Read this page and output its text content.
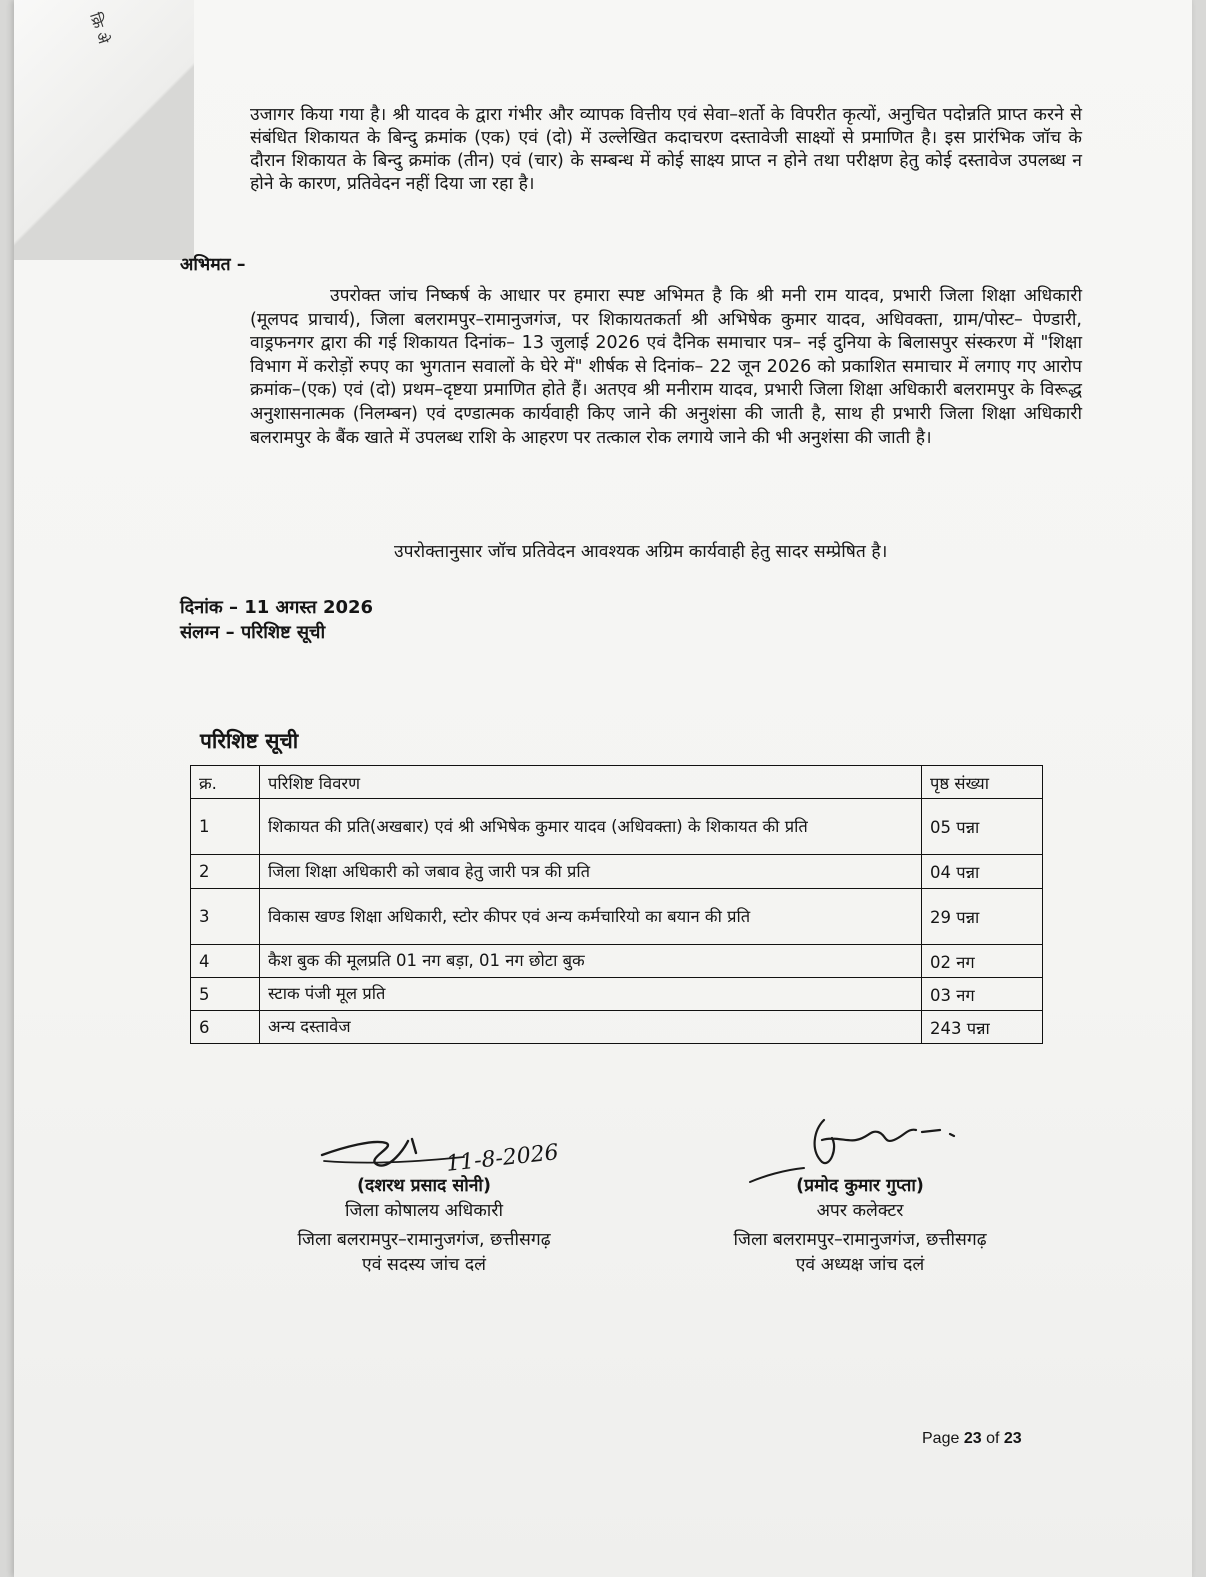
क्रि अे
उजागर किया गया है। श्री यादव के द्वारा गंभीर और व्यापक वित्तीय एवं सेवा–शर्तो के विपरीत कृत्यों, अनुचित पदोन्नति प्राप्त करने से संबंधित शिकायत के बिन्दु क्रमांक (एक) एवं (दो) में उल्लेखित कदाचरण दस्तावेजी साक्ष्यों से प्रमाणित है। इस प्रारंभिक जॉच के दौरान शिकायत के बिन्दु क्रमांक (तीन) एवं (चार) के सम्बन्ध में कोई साक्ष्य प्राप्त न होने तथा परीक्षण हेतु कोई दस्तावेज उपलब्ध न होने के कारण, प्रतिवेदन नहीं दिया जा रहा है।
अभिमत –
उपरोक्त जांच निष्कर्ष के आधार पर हमारा स्पष्ट अभिमत है कि श्री मनी राम यादव, प्रभारी जिला शिक्षा अधिकारी (मूलपद प्राचार्य), जिला बलरामपुर–रामानुजगंज, पर शिकायतकर्ता श्री अभिषेक कुमार यादव, अधिवक्ता, ग्राम/पोस्ट– पेण्डारी, वाड्रफनगर द्वारा की गई शिकायत दिनांक– 13 जुलाई 2026 एवं दैनिक समाचार पत्र– नई दुनिया के बिलासपुर संस्करण में "शिक्षा विभाग में करोड़ों रुपए का भुगतान सवालों के घेरे में" शीर्षक से दिनांक– 22 जून 2026 को प्रकाशित समाचार में लगाए गए आरोप क्रमांक–(एक) एवं (दो) प्रथम–दृष्टया प्रमाणित होते हैं। अतएव श्री मनीराम यादव, प्रभारी जिला शिक्षा अधिकारी बलरामपुर के विरूद्ध अनुशासनात्मक (निलम्बन) एवं दण्डात्मक कार्यवाही किए जाने की अनुशंसा की जाती है, साथ ही प्रभारी जिला शिक्षा अधिकारी बलरामपुर के बैंक खाते में उपलब्ध राशि के आहरण पर तत्काल रोक लगाये जाने की भी अनुशंसा की जाती है।
उपरोक्तानुसार जॉच प्रतिवेदन आवश्यक अग्रिम कार्यवाही हेतु सादर सम्प्रेषित है।
दिनांक – 11 अगस्त 2026
संलग्न – परिशिष्ट सूची
परिशिष्ट सूची
क्र.	परिशिष्ट विवरण	पृष्ठ संख्या
1	शिकायत की प्रति(अखबार) एवं श्री अभिषेक कुमार यादव (अधिवक्ता) के शिकायत की प्रति	05 पन्ना
2	जिला शिक्षा अधिकारी को जबाव हेतु जारी पत्र की प्रति	04 पन्ना
3	विकास खण्ड शिक्षा अधिकारी, स्टोर कीपर एवं अन्य कर्मचारियो का बयान की प्रति	29 पन्ना
4	कैश बुक की मूलप्रति 01 नग बड़ा, 01 नग छोटा बुक	02 नग
5	स्टाक पंजी मूल प्रति	03 नग
6	अन्य दस्तावेज	243 पन्ना
11-8-2026
(दशरथ प्रसाद सोनी)
जिला कोषालय अधिकारी
जिला बलरामपुर–रामानुजगंज, छत्तीसगढ़
एवं सदस्य जांच दलं
(प्रमोद कुमार गुप्ता)
अपर कलेक्टर
जिला बलरामपुर–रामानुजगंज, छत्तीसगढ़
एवं अध्यक्ष जांच दलं
Page 23 of 23
